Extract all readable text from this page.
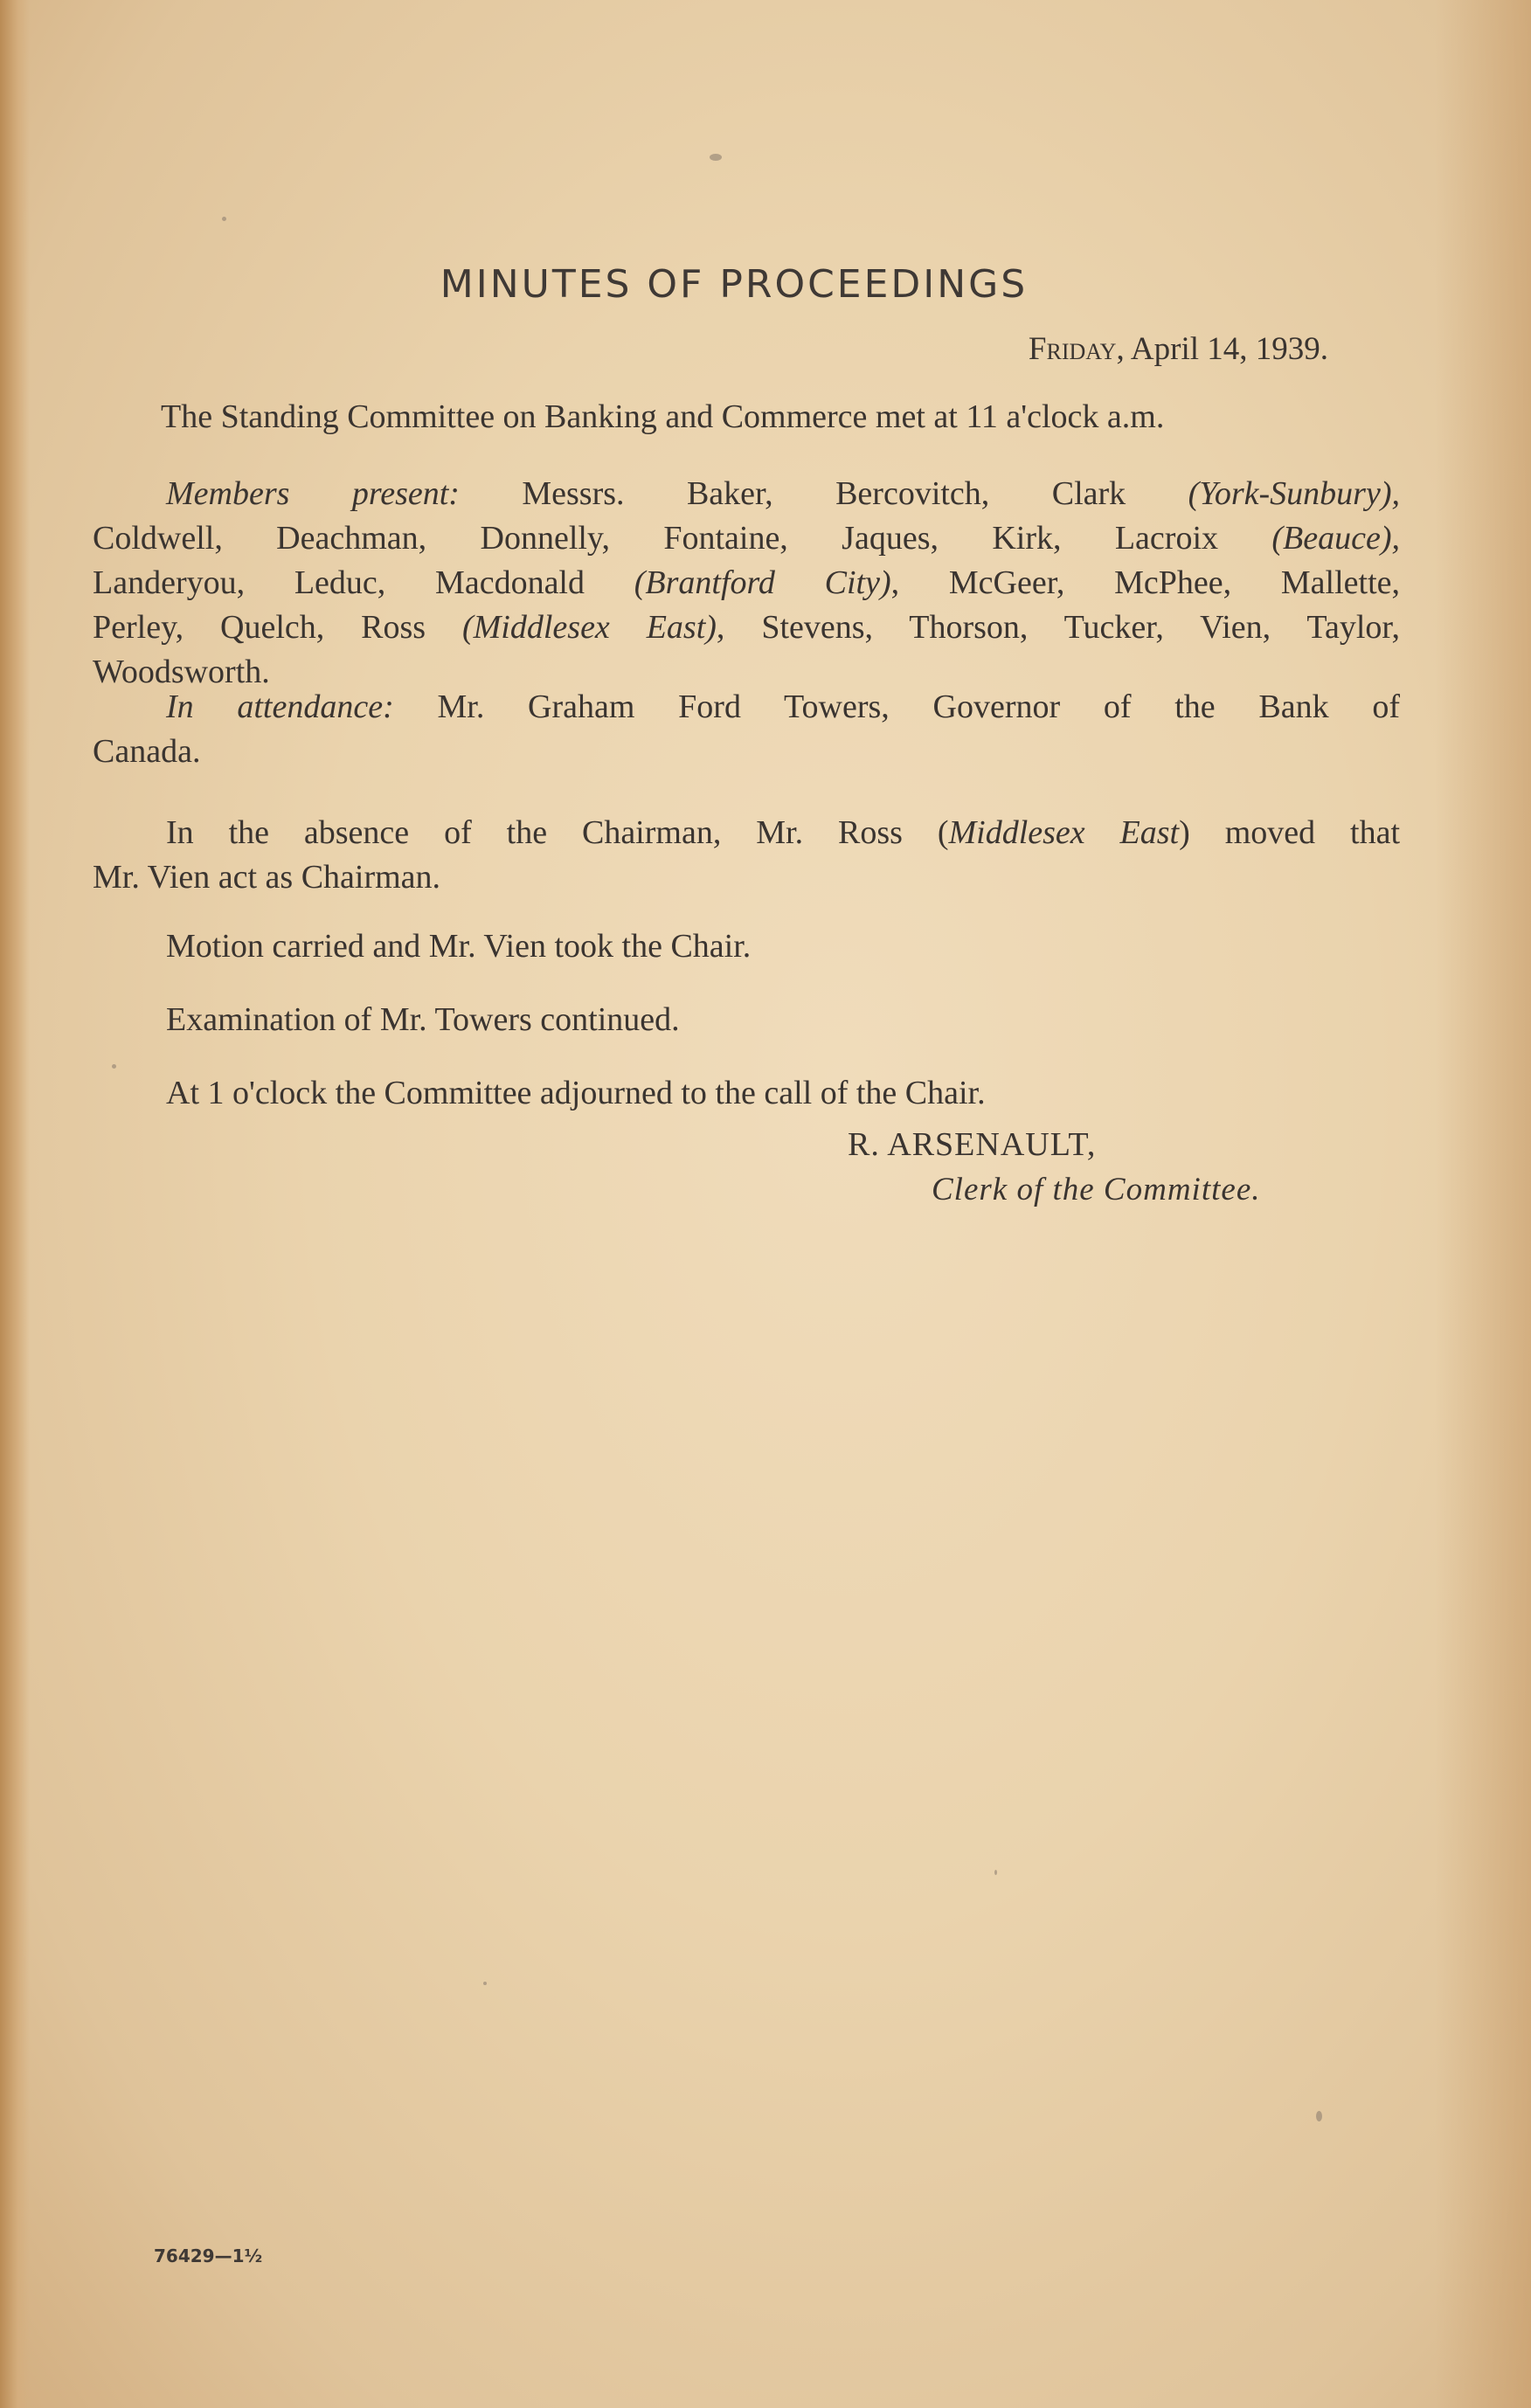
MINUTES OF PROCEEDINGS
Friday, April 14, 1939.
The Standing Committee on Banking and Commerce met at 11 a'clock a.m.
Members present: Messrs. Baker, Bercovitch, Clark (York-Sunbury),
Coldwell, Deachman, Donnelly, Fontaine, Jaques, Kirk, Lacroix (Beauce),
Landeryou, Leduc, Macdonald (Brantford City), McGeer, McPhee, Mallette,
Perley, Quelch, Ross (Middlesex East), Stevens, Thorson, Tucker, Vien, Taylor,
Woodsworth.
In attendance: Mr. Graham Ford Towers, Governor of the Bank of
Canada.
In the absence of the Chairman, Mr. Ross (Middlesex East) moved that
Mr. Vien act as Chairman.
Motion carried and Mr. Vien took the Chair.
Examination of Mr. Towers continued.
At 1 o'clock the Committee adjourned to the call of the Chair.
R. ARSENAULT,
Clerk of the Committee.
76429—1½
